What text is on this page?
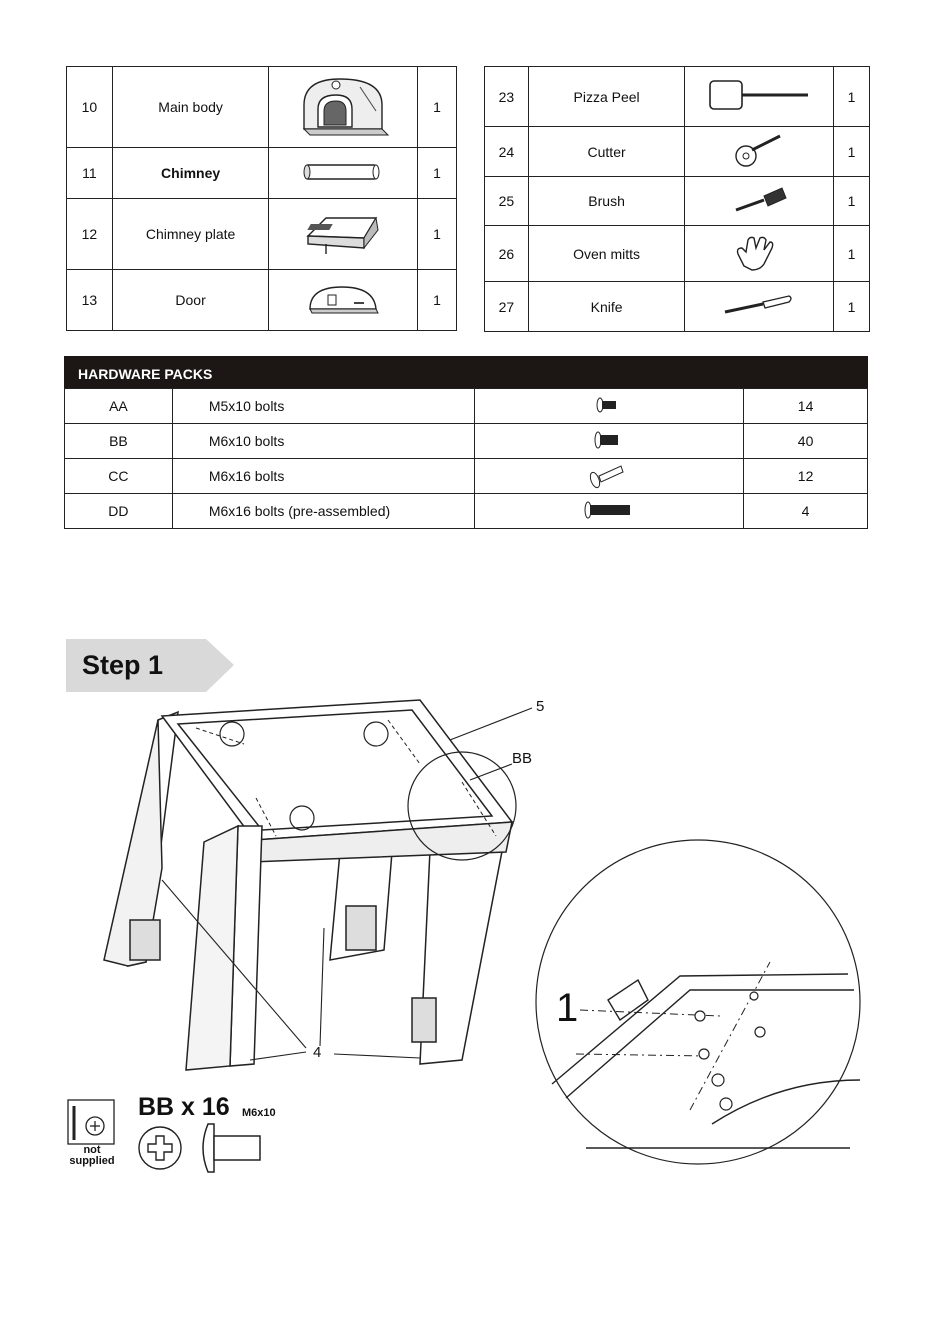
10	Main body		1
11	Chimney		1
12	Chimney plate		1
13	Door		1
23	Pizza Peel		1
24	Cutter		1
25	Brush		1
26	Oven mitts		1
27	Knife		1
HARDWARE PACKS
AA	M5x10 bolts		14
BB	M6x10 bolts		40
CC	M6x16 bolts		12
DD	M6x16 bolts (pre-assembled)		4
Step 1
5
BB
4
1
BB x 16 M6x10
not supplied
